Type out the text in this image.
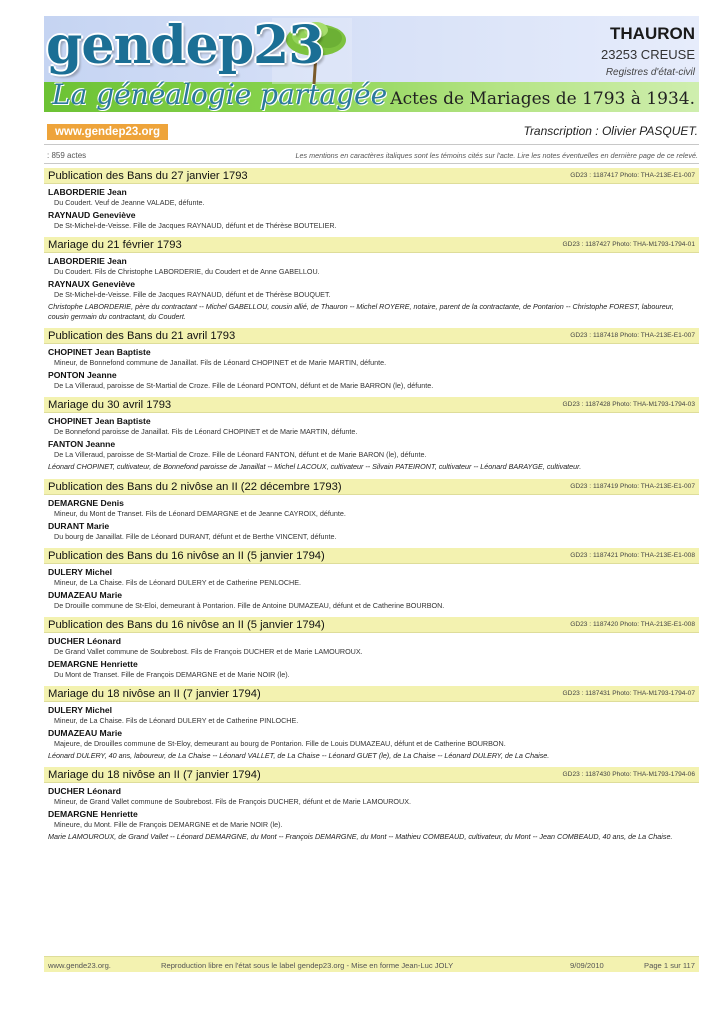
gendep23
La généalogie partagée
THAURON
23253 CREUSE
Registres d'état-civil
Actes de Mariages de 1793 à 1934.
www.gendep23.org	Transcription : Olivier PASQUET.
: 859 actes	Les mentions en caractères italiques sont les témoins cités sur l'acte. Lire les notes éventuelles en dernière page de ce relevé.
Publication des Bans du 27 janvier 1793	GD23 : 1187417 Photo: THA-213E-E1-007
LABORDERIE Jean
Du Coudert. Veuf de Jeanne VALADE, défunte.
RAYNAUD Geneviève
De St-Michel-de-Veisse. Fille de Jacques RAYNAUD, défunt et de Thérèse BOUTELIER.
Mariage du 21 février 1793	GD23 : 1187427 Photo: THA-M1793-1794-01
LABORDERIE Jean
Du Coudert. Fils de Christophe LABORDERIE, du Coudert et de Anne GABELLOU.
RAYNAUX Geneviève
De St-Michel-de-Veisse. Fille de Jacques RAYNAUD, défunt et de Thérèse BOUQUET.
Christophe LABORDERIE, père du contractant -- Michel GABELLOU, cousin allié, de Thauron -- Michel ROYERE, notaire, parent de la contractante, de Pontarion -- Christophe FOREST, laboureur, cousin germain du contractant, du Coudert.
Publication des Bans du 21 avril 1793	GD23 : 1187418 Photo: THA-213E-E1-007
CHOPINET Jean Baptiste
Mineur, de Bonnefond commune de Janaillat. Fils de Léonard CHOPINET et de Marie MARTIN, défunte.
PONTON Jeanne
De La Villeraud, paroisse de St-Martial de Croze. Fille de Léonard PONTON, défunt et de Marie BARRON (le), défunte.
Mariage du 30 avril 1793	GD23 : 1187428 Photo: THA-M1793-1794-03
CHOPINET Jean Baptiste
De Bonnefond paroisse de Janaillat. Fils de Léonard CHOPINET et de Marie MARTIN, défunte.
FANTON Jeanne
De La Villeraud, paroisse de St-Martial de Croze. Fille de Léonard FANTON, défunt et de Marie BARON (le), défunte.
Léonard CHOPINET, cultivateur, de Bonnefond paroisse de Janaillat -- Michel LACOUX, cultivateur -- Silvain PATEIRONT, cultivateur -- Léonard BARAYGE, cultivateur.
Publication des Bans du 2 nivôse an II (22 décembre 1793)	GD23 : 1187419 Photo: THA-213E-E1-007
DEMARGNE Denis
Mineur, du Mont de Transet. Fils de Léonard DEMARGNE et de Jeanne CAYROIX, défunte.
DURANT Marie
Du bourg de Janaillat. Fille de Léonard DURANT, défunt et de Berthe VINCENT, défunte.
Publication des Bans du 16 nivôse an II (5 janvier 1794)	GD23 : 1187421 Photo: THA-213E-E1-008
DULERY Michel
Mineur, de La Chaise. Fils de Léonard DULERY et de Catherine PENLOCHE.
DUMAZEAU Marie
De Drouille commune de St-Eloi, demeurant à Pontarion. Fille de Antoine DUMAZEAU, défunt et de Catherine BOURBON.
Publication des Bans du 16 nivôse an II (5 janvier 1794)	GD23 : 1187420 Photo: THA-213E-E1-008
DUCHER Léonard
De Grand Vallet commune de Soubrebost. Fils de François DUCHER et de Marie LAMOUROUX.
DEMARGNE Henriette
Du Mont de Transet. Fille de François DEMARGNE et de Marie NOIR (le).
Mariage du 18 nivôse an II (7 janvier 1794)	GD23 : 1187431 Photo: THA-M1793-1794-07
DULERY Michel
Mineur, de La Chaise. Fils de Léonard DULERY et de Catherine PINLOCHE.
DUMAZEAU Marie
Majeure, de Drouilles commune de St-Eloy, demeurant au bourg de Pontarion. Fille de Louis DUMAZEAU, défunt et de Catherine BOURBON.
Léonard DULERY, 40 ans, laboureur, de La Chaise -- Léonard VALLET, de La Chaise -- Léonard GUET (le), de La Chaise -- Léonard DULERY, de La Chaise.
Mariage du 18 nivôse an II (7 janvier 1794)	GD23 : 1187430 Photo: THA-M1793-1794-06
DUCHER Léonard
Mineur, de Grand Vallet commune de Soubrebost. Fils de François DUCHER, défunt et de Marie LAMOUROUX.
DEMARGNE Henriette
Mineure, du Mont. Fille de François DEMARGNE et de Marie NOIR (le).
Marie LAMOUROUX, de Grand Vallet -- Léonard DEMARGNE, du Mont -- François DEMARGNE, du Mont -- Mathieu COMBEAUD, cultivateur, du Mont -- Jean COMBEAUD, 40 ans, de La Chaise.
www.gende23.org.	Reproduction libre en l'état sous le label gendep23.org - Mise en forme Jean-Luc JOLY	9/09/2010	Page 1 sur 117
